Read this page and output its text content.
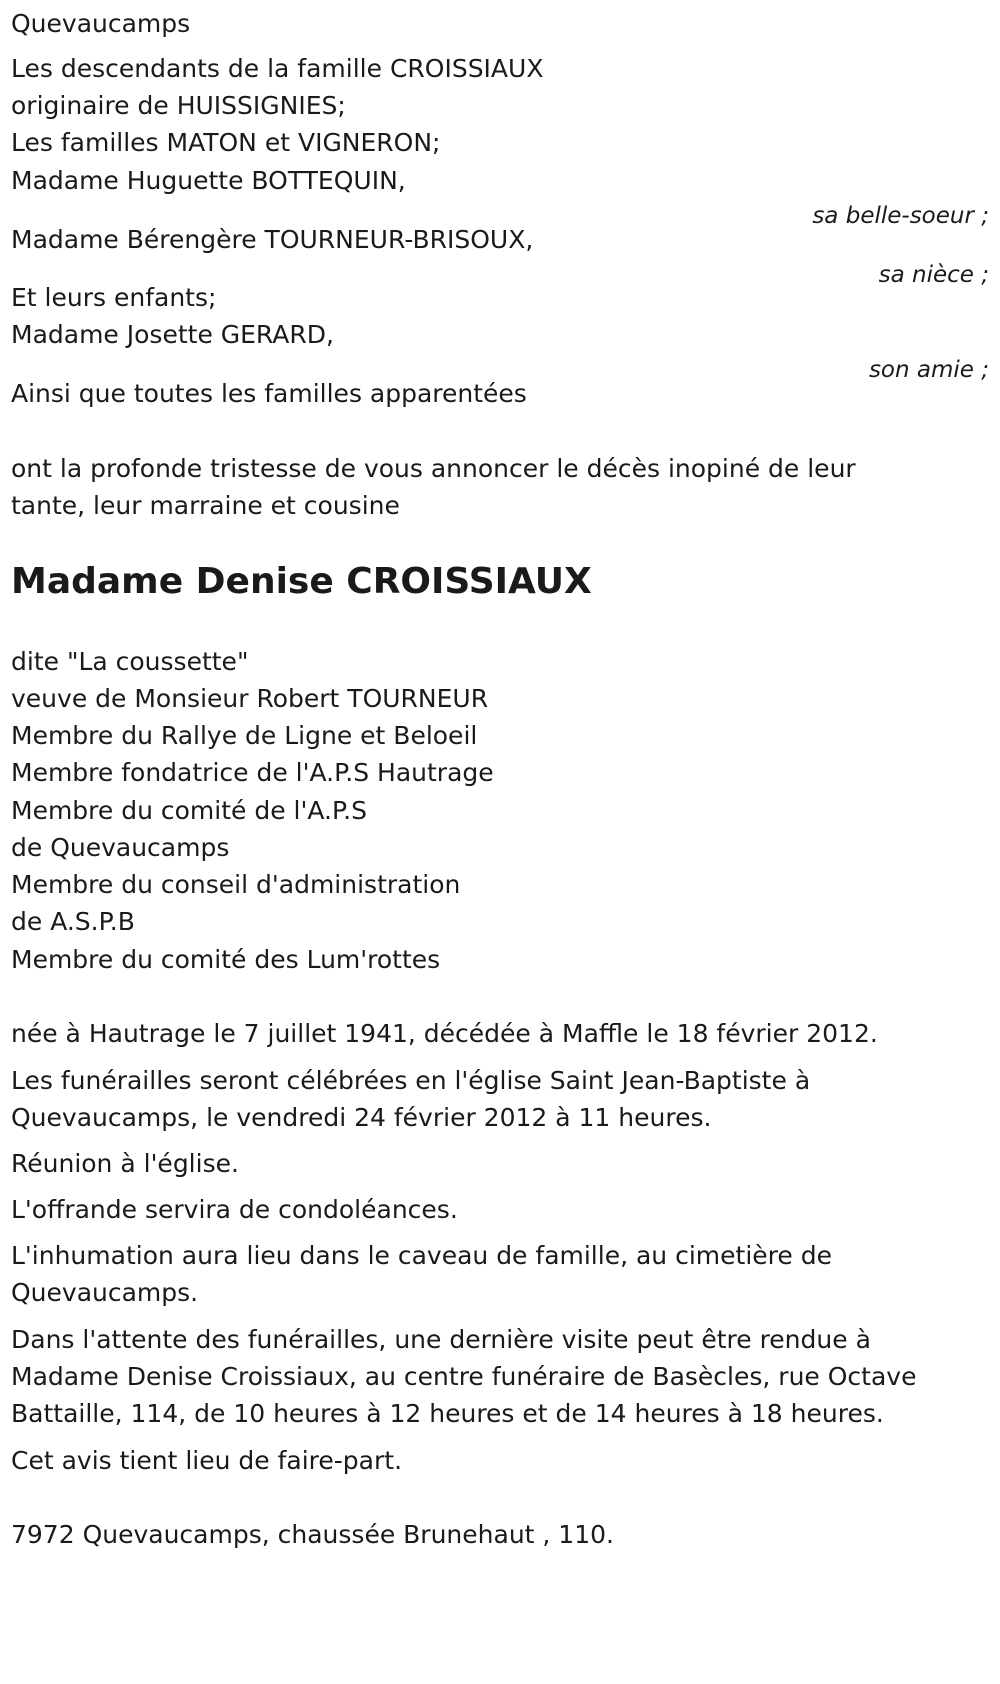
Quevaucamps

Les descendants de la famille CROISSIAUX

originaire de HUISSIGNIES;

Les familles MATON et VIGNERON;

Madame Huguette BOTTEQUIN,

sa belle-soeur ;

Madame Bérengère TOURNEUR-BRISOUX,

sa nièce ;

Et leurs enfants;

Madame Josette GERARD,

son amie ;

Ainsi que toutes les familles apparentées

ont la profonde tristesse de vous annoncer le décès inopiné de leur

tante, leur marraine et cousine

Madame Denise CROISSIAUX

dite "La coussette"

veuve de Monsieur Robert TOURNEUR

Membre du Rallye de Ligne et Beloeil

Membre fondatrice de l'A.P.S Hautrage

Membre du comité de l'A.P.S

de Quevaucamps

Membre du conseil d'administration

de A.S.P.B

Membre du comité des Lum'rottes

née à Hautrage le 7 juillet 1941, décédée à Maffle le 18 février 2012.

Les funérailles seront célébrées en l'église Saint Jean-Baptiste à

Quevaucamps, le vendredi 24 février 2012 à 11 heures.

Réunion à l'église.

L'offrande servira de condoléances.

L'inhumation aura lieu dans le caveau de famille, au cimetière de

Quevaucamps.

Dans l'attente des funérailles, une dernière visite peut être rendue à

Madame Denise Croissiaux, au centre funéraire de Basècles, rue Octave

Battaille, 114, de 10 heures à 12 heures et de 14 heures à 18 heures.

Cet avis tient lieu de faire-part.

7972 Quevaucamps, chaussée Brunehaut , 110.
